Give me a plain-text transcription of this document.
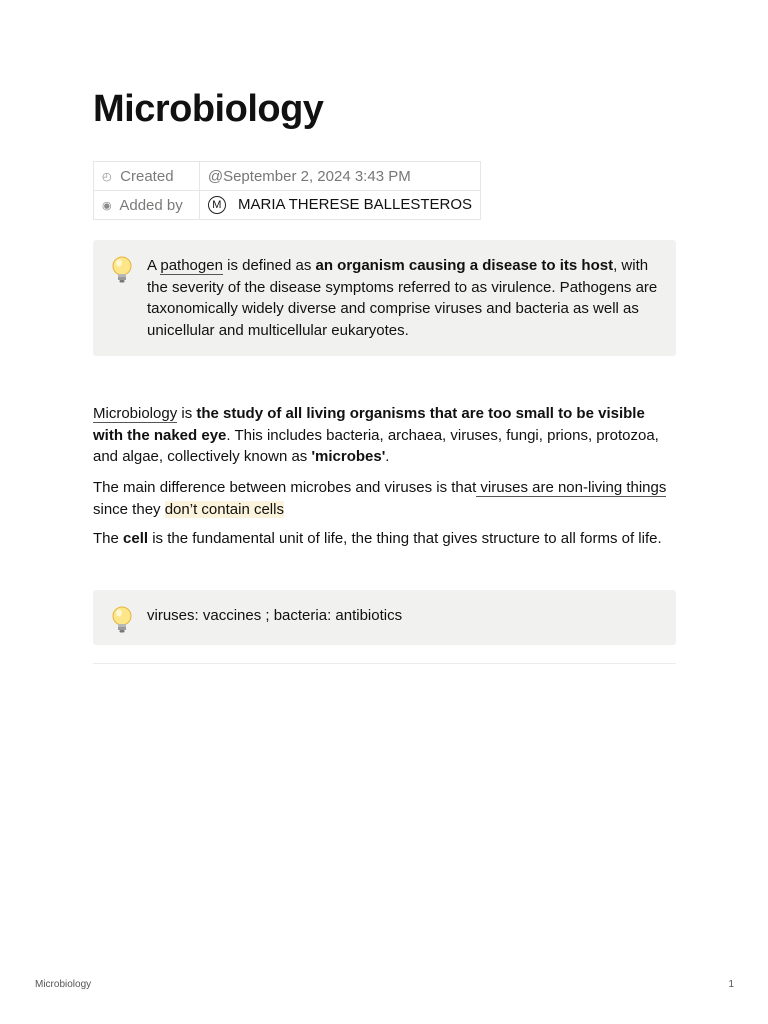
Microbiology
◴ Created	@September 2, 2024 3:43 PM
◉ Added by	M MARIA THERESE BALLESTEROS
A pathogen is defined as an organism causing a disease to its host, with the severity of the disease symptoms referred to as virulence. Pathogens are taxonomically widely diverse and comprise viruses and bacteria as well as unicellular and multicellular eukaryotes.

Microbiology is the study of all living organisms that are too small to be visible with the naked eye. This includes bacteria, archaea, viruses, fungi, prions, protozoa, and algae, collectively known as 'microbes'.

The main difference between microbes and viruses is that viruses are non-living things since they don’t contain cells

The cell is the fundamental unit of life, the thing that gives structure to all forms of life.

viruses: vaccines ; bacteria: antibiotics
Microbiology	1
